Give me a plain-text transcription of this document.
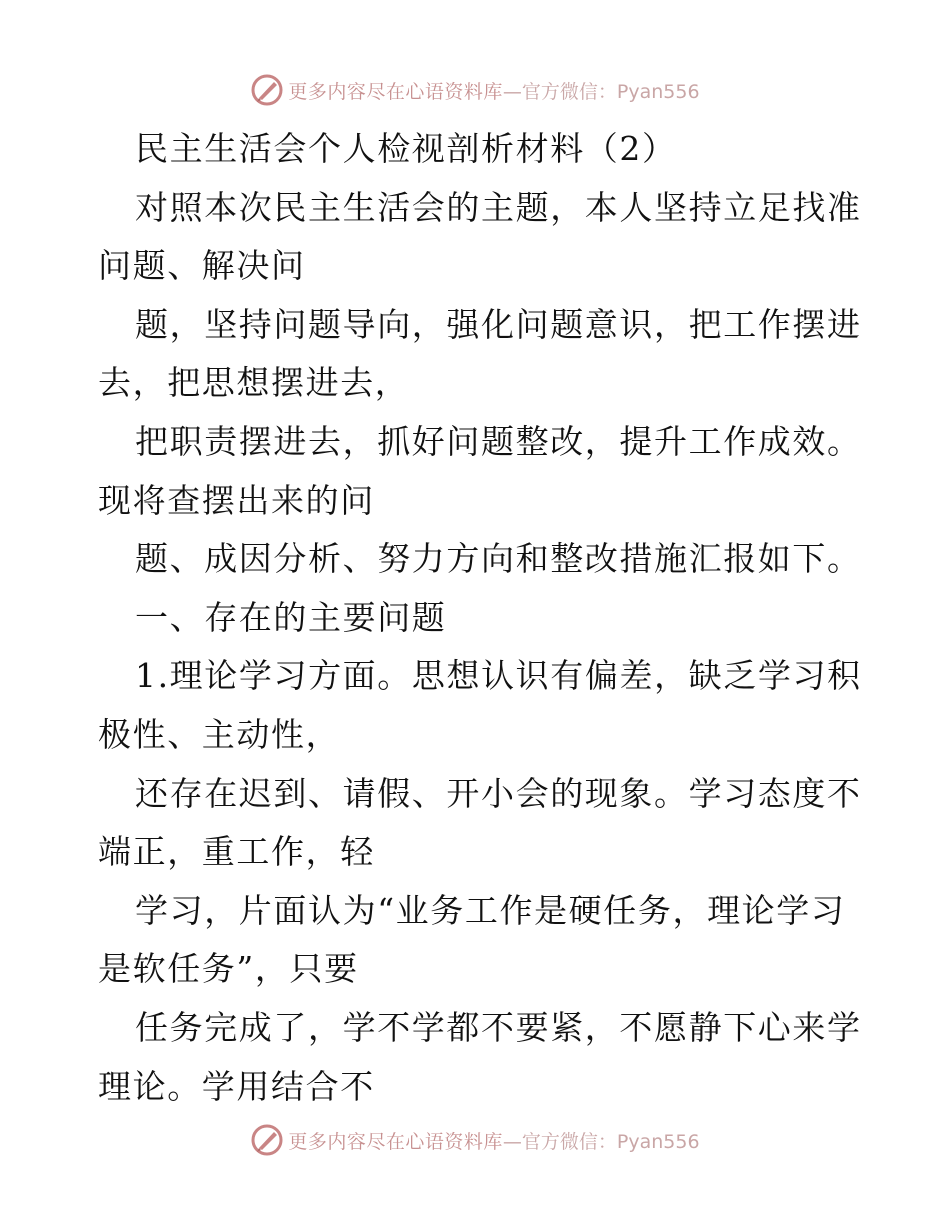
更多内容尽在心语资料库—官方微信：Pyan556
民主生活会个人检视剖析材料（2）
对照本次民主生活会的主题，本人坚持立足找准
问题、解决问
题，坚持问题导向，强化问题意识，把工作摆进
去，把思想摆进去，
把职责摆进去，抓好问题整改，提升工作成效。
现将查摆出来的问
题、成因分析、努力方向和整改措施汇报如下。
一、存在的主要问题
1.理论学习方面。思想认识有偏差，缺乏学习积
极性、主动性，
还存在迟到、请假、开小会的现象。学习态度不
端正，重工作，轻
学习，片面认为“业务工作是硬任务，理论学习
是软任务”，只要
任务完成了，学不学都不要紧，不愿静下心来学
理论。学用结合不
更多内容尽在心语资料库—官方微信：Pyan556
